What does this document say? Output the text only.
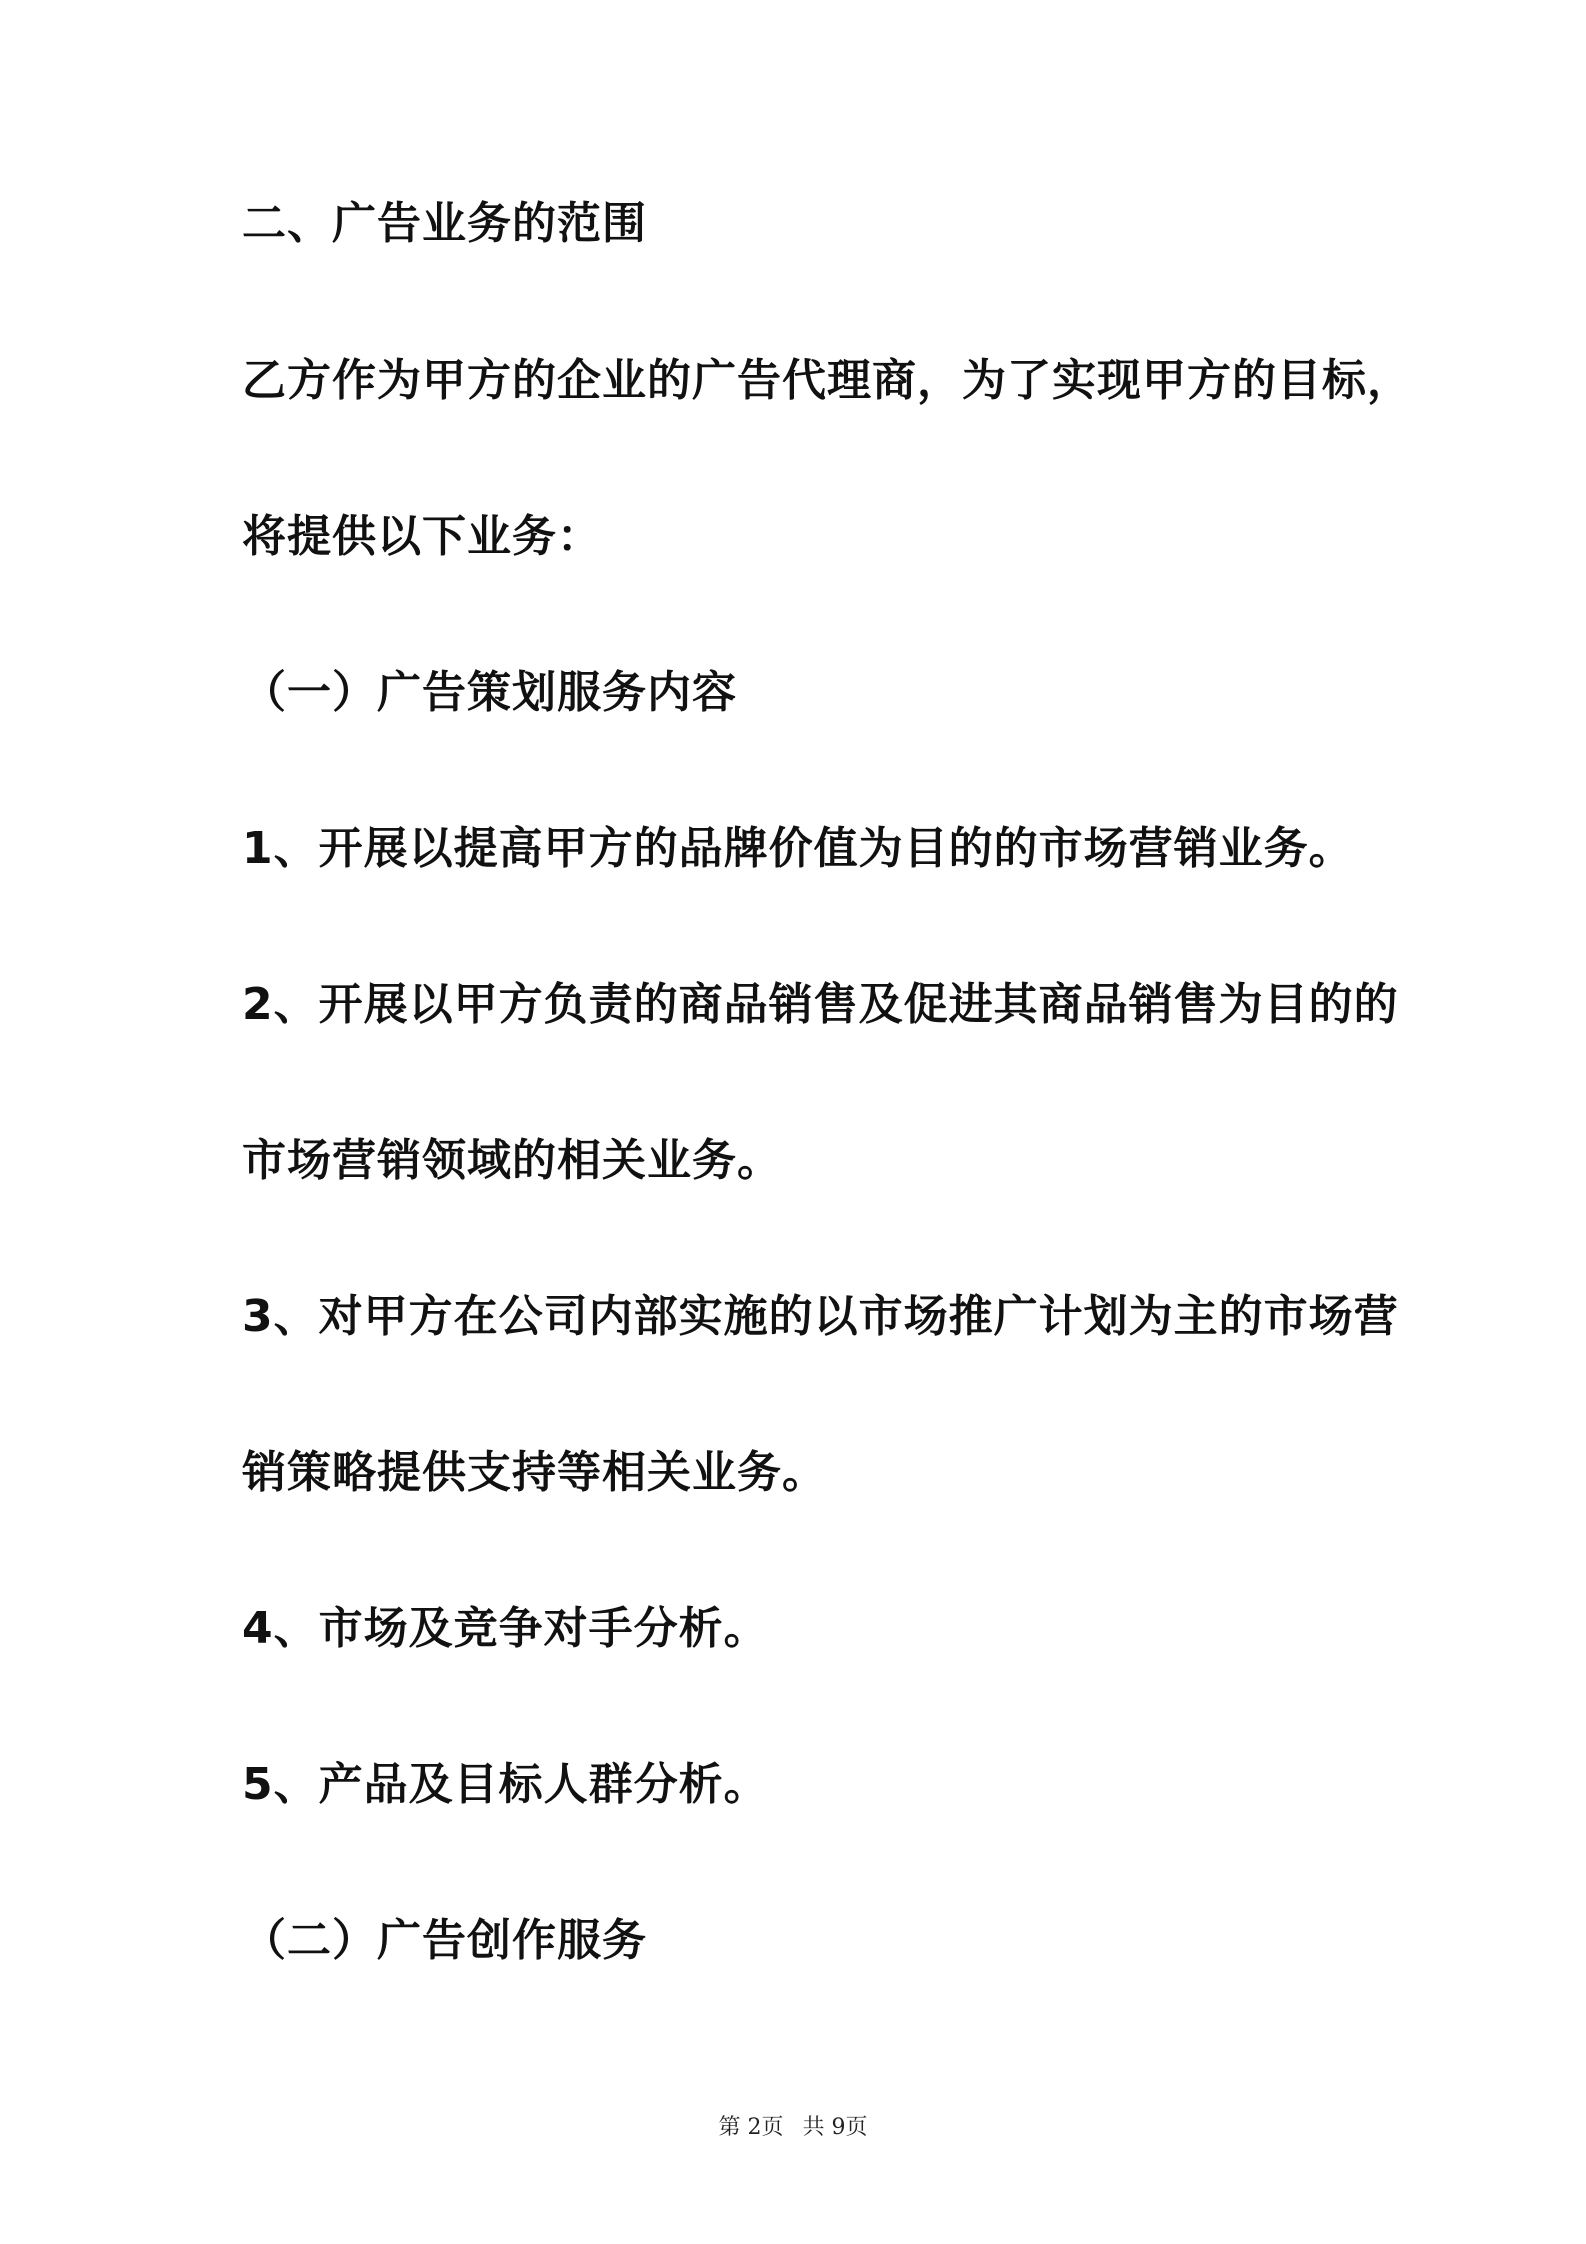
二、广告业务的范围
乙方作为甲方的企业的广告代理商，为了实现甲方的目标，
将提供以下业务：
（一）广告策划服务内容
1、开展以提高甲方的品牌价值为目的的市场营销业务。
2、开展以甲方负责的商品销售及促进其商品销售为目的的
市场营销领域的相关业务。
3、对甲方在公司内部实施的以市场推广计划为主的市场营
销策略提供支持等相关业务。
4、市场及竞争对手分析。
5、产品及目标人群分析。
（二）广告创作服务
第 2页 共 9页
